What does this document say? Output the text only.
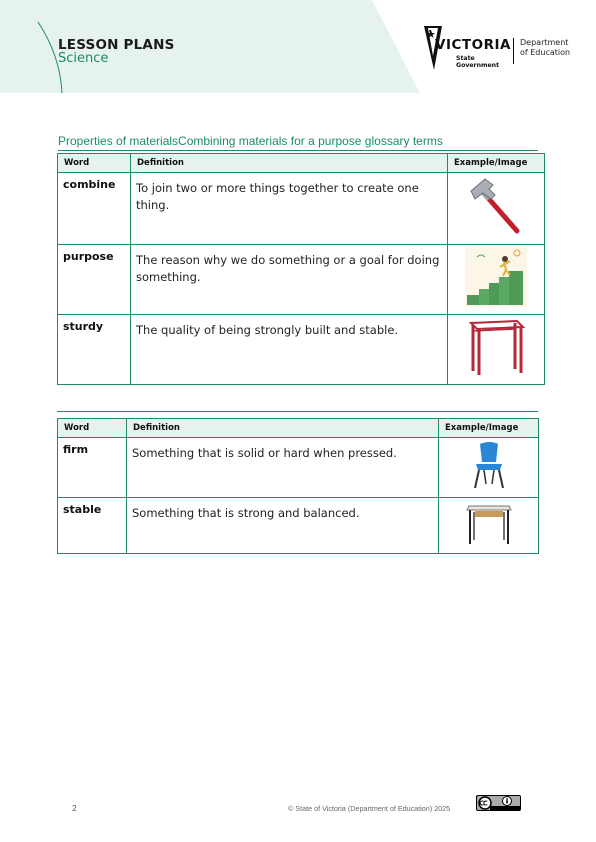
LESSON PLANS
Science
VICTORIA
State
Government
Department
of Education
Properties of materialsCombining materials for a purpose glossary terms
Word	Definition	Example/Image
combine	To join two or more things together to create one thing.	
purpose	The reason why we do something or a goal for doing something.	
sturdy	The quality of being strongly built and stable.	
Word	Definition	Example/Image
firm	Something that is solid or hard when pressed.	
stable	Something that is strong and balanced.	
2	© State of Victoria (Department of Education) 2025
